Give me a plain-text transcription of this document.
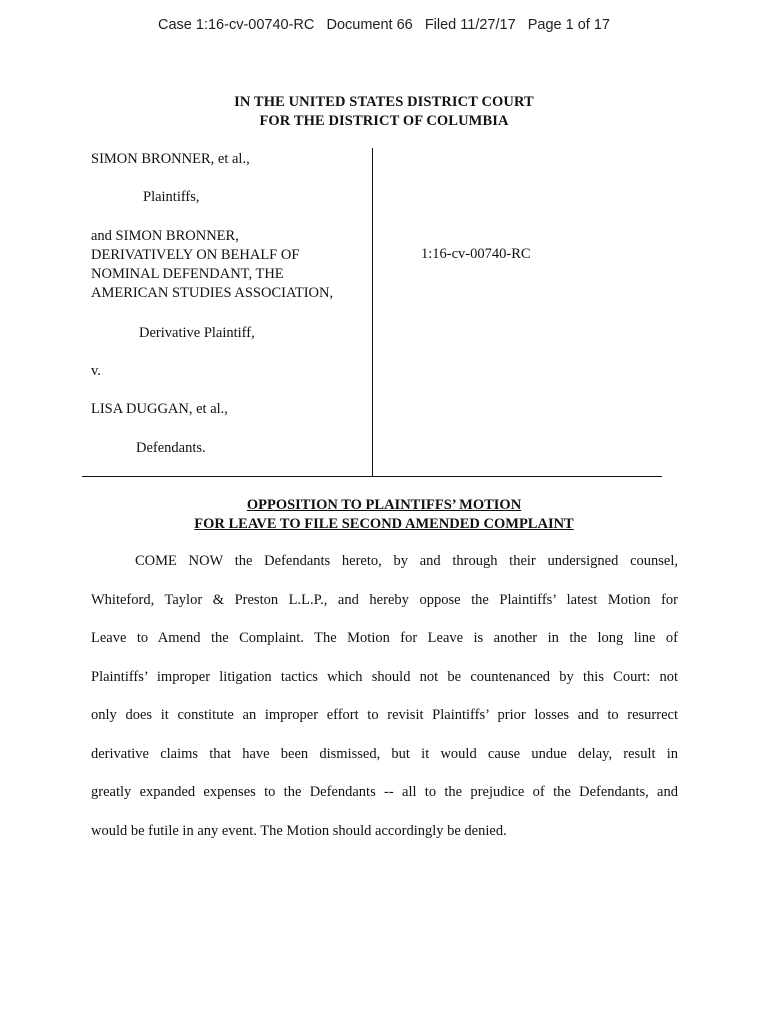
Case 1:16-cv-00740-RC Document 66 Filed 11/27/17 Page 1 of 17
IN THE UNITED STATES DISTRICT COURT
FOR THE DISTRICT OF COLUMBIA
SIMON BRONNER, et al.,
Plaintiffs,
and SIMON BRONNER,
DERIVATIVELY ON BEHALF OF
NOMINAL DEFENDANT, THE
AMERICAN STUDIES ASSOCIATION,
Derivative Plaintiff,
v.
LISA DUGGAN, et al.,
Defendants.
1:16-cv-00740-RC
OPPOSITION TO PLAINTIFFS’ MOTION
FOR LEAVE TO FILE SECOND AMENDED COMPLAINT
COME NOW the Defendants hereto, by and through their undersigned counsel,
Whiteford, Taylor & Preston L.L.P., and hereby oppose the Plaintiffs’ latest Motion for
Leave to Amend the Complaint. The Motion for Leave is another in the long line of
Plaintiffs’ improper litigation tactics which should not be countenanced by this Court: not
only does it constitute an improper effort to revisit Plaintiffs’ prior losses and to resurrect
derivative claims that have been dismissed, but it would cause undue delay, result in
greatly expanded expenses to the Defendants -- all to the prejudice of the Defendants, and
would be futile in any event. The Motion should accordingly be denied.
